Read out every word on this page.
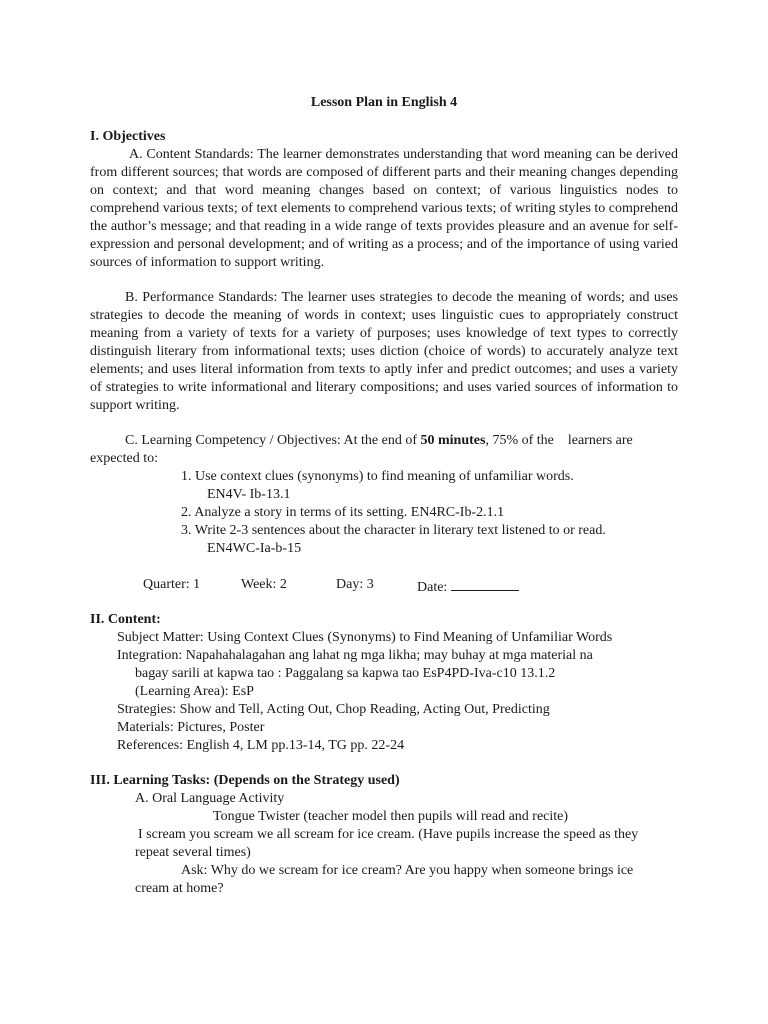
Lesson Plan in English 4
I. Objectives
A. Content Standards: The learner demonstrates understanding that word meaning can be derived from different sources; that words are composed of different parts and their meaning changes depending on context; and that word meaning changes based on context; of various linguistics nodes to comprehend various texts; of text elements to comprehend various texts; of writing styles to comprehend the author’s message; and that reading in a wide range of texts provides pleasure and an avenue for self-expression and personal development; and of writing as a process; and of the importance of using varied sources of information to support writing.
B. Performance Standards: The learner uses strategies to decode the meaning of words; and uses strategies to decode the meaning of words in context; uses linguistic cues to appropriately construct meaning from a variety of texts for a variety of purposes; uses knowledge of text types to correctly distinguish literary from informational texts; uses diction (choice of words) to accurately analyze text elements; and uses literal information from texts to aptly infer and predict outcomes; and uses a variety of strategies to write informational and literary compositions; and uses varied sources of information to support writing.
C. Learning Competency / Objectives: At the end of 50 minutes, 75% of the    learners are
expected to:
1. Use context clues (synonyms) to find meaning of unfamiliar words.
EN4V- Ib-13.1
2. Analyze a story in terms of its setting. EN4RC-Ib-2.1.1
3. Write 2-3 sentences about the character in literary text listened to or read.
EN4WC-Ia-b-15
Quarter: 1	Week: 2	Day: 3	Date:
II. Content:
Subject Matter: Using Context Clues (Synonyms) to Find Meaning of Unfamiliar Words
Integration: Napahahalagahan ang lahat ng mga likha; may buhay at mga material na
bagay sarili at kapwa tao : Paggalang sa kapwa tao EsP4PD-Iva-c10 13.1.2
(Learning Area): EsP
Strategies: Show and Tell, Acting Out, Chop Reading, Acting Out, Predicting
Materials: Pictures, Poster
References: English 4, LM pp.13-14, TG pp. 22-24
III. Learning Tasks: (Depends on the Strategy used)
A. Oral Language Activity
Tongue Twister (teacher model then pupils will read and recite)
I scream you scream we all scream for ice cream. (Have pupils increase the speed as they
repeat several times)
Ask: Why do we scream for ice cream? Are you happy when someone brings ice
cream at home?
